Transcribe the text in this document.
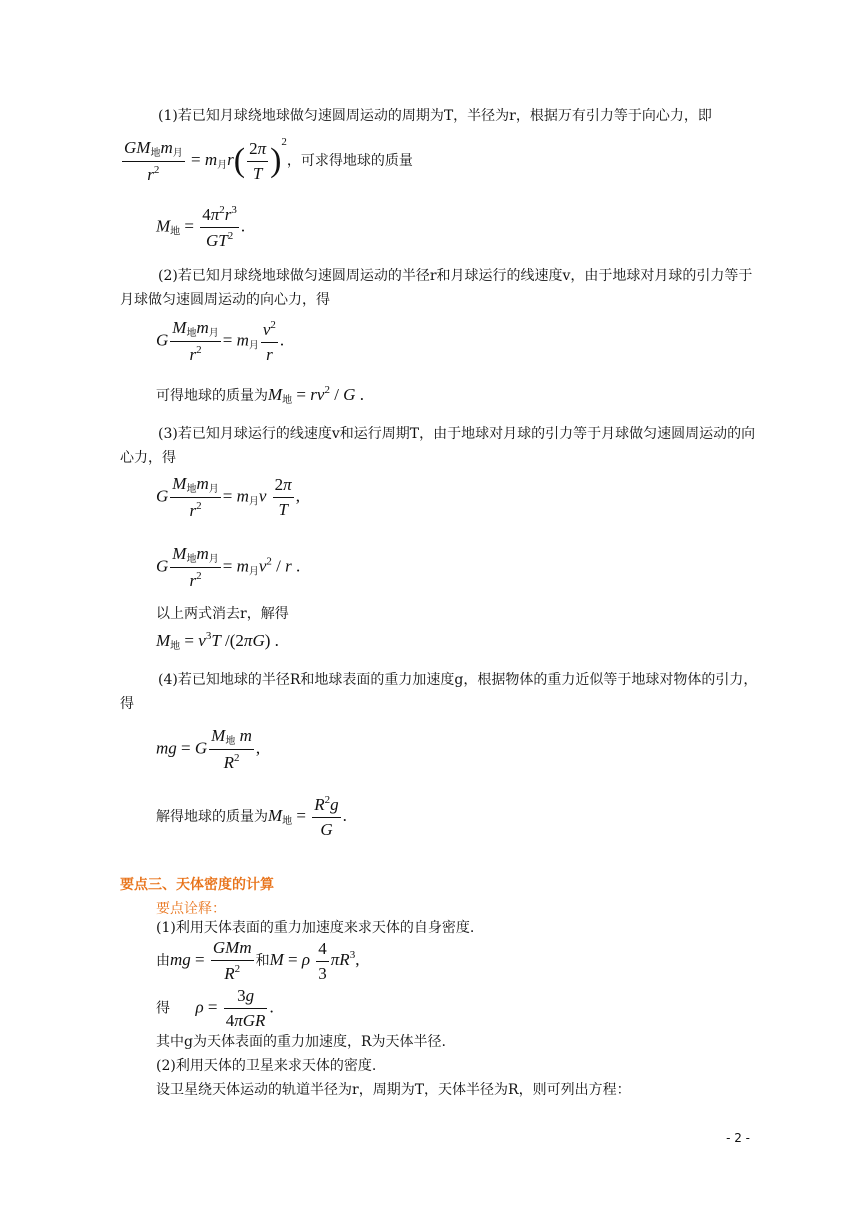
(1)若已知月球绕地球做匀速圆周运动的周期为T，半径为r，根据万有引力等于向心力，即
$\frac{GM_地m_月}{r^2} = m_月r( \frac{2\pi}{T} )^2$，可求得地球的质量
$M_地 = \frac{4\pi^2r^3}{GT^2}$ .
(2)若已知月球绕地球做匀速圆周运动的半径r和月球运行的线速度v，由于地球对月球的引力等于月球做匀速圆周运动的向心力，得
G $\frac{M_地m_月}{r^2} = m_月 \frac{v^2}{r}$ .
可得地球的质量为$M_地 = rv^2 / G$ .
(3)若已知月球运行的线速度v和运行周期T，由于地球对月球的引力等于月球做匀速圆周运动的向心力，得
G $\frac{M_地m_月}{r^2} = m_月v \frac{2\pi}{T}$ ,
G $\frac{M_地m_月}{r^2} = m_月v^2 / r$ .
以上两式消去r，解得
$M_地 = v^3T$ /(2πG) .
(4)若已知地球的半径R和地球表面的重力加速度g，根据物体的重力近似等于地球对物体的引力，得
mg = G $\frac{M_地 m}{R^2}$ ,
解得地球的质量为$M_地 = \frac{R^2g}{G}$ .
要点三、天体密度的计算
要点诠释：
(1)利用天体表面的重力加速度来求天体的自身密度.
由mg = $\frac{\text{GMm}}{R^2}$ 和M = ρ $\frac{4}{3} \pi R^3$,
得 $\rho = \frac{3g}{\text{4πGR}}$ .
其中g为天体表面的重力加速度，R为天体半径.
(2)利用天体的卫星来求天体的密度.
设卫星绕天体运动的轨道半径为r，周期为T，天体半径为R，则可列出方程：
- 2 -
